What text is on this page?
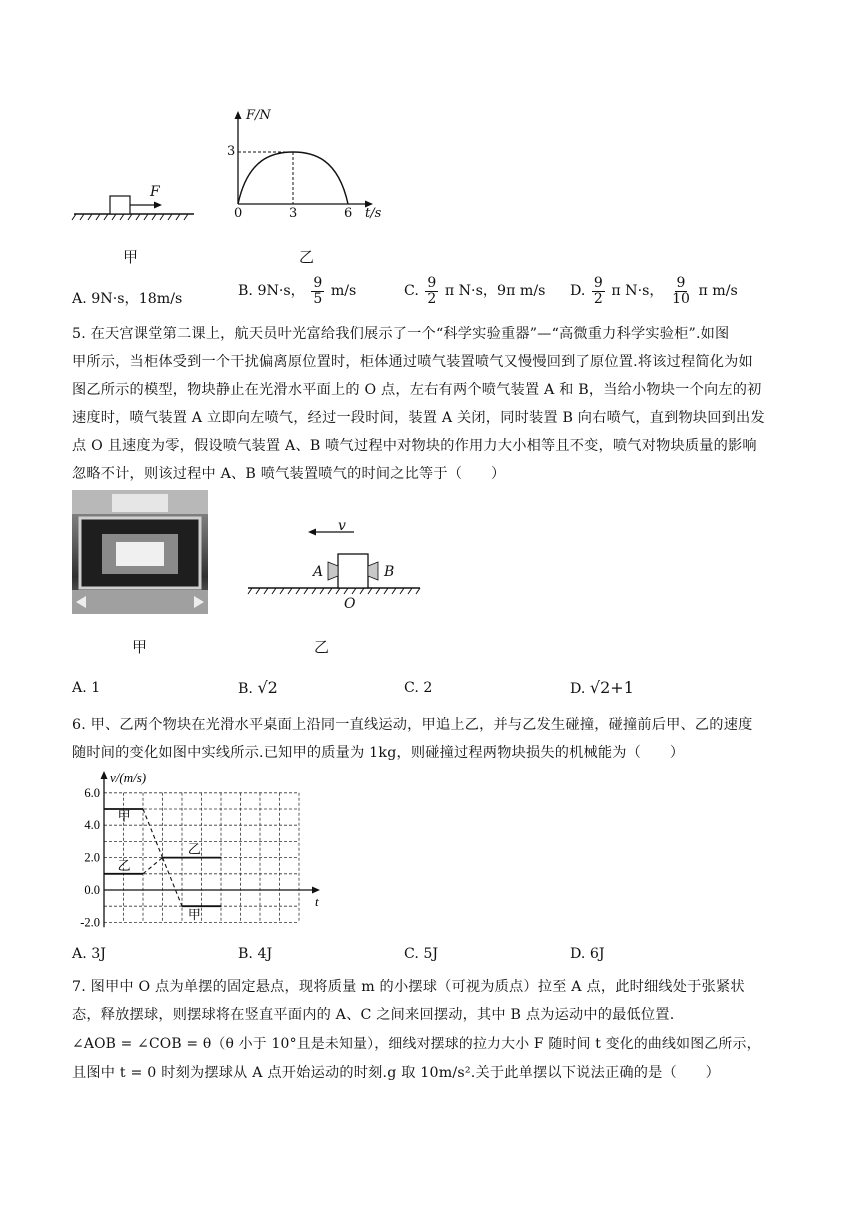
F
甲
F/N
3
0	3	6 t/s
乙
A. 9N·s，18m/s	B. 9N·s， $\frac{9}{5} m/s$	C. $\frac{9}{2}$ π N·s，9π m/s D. $\frac{9}{2}$ π N·s， $\frac{9}{10}$ π m/s
5. 在天宫课堂第二课上，航天员叶光富给我们展示了一个“科学实验重器”—“高微重力科学实验柜”.如图
甲所示，当柜体受到一个干扰偏离原位置时，柜体通过喷气装置喷气又慢慢回到了原位置.将该过程简化为如
图乙所示的模型，物块静止在光滑水平面上的 O 点，左右有两个喷气装置 A 和 B，当给小物块一个向左的初
速度时，喷气装置 A 立即向左喷气，经过一段时间，装置 A 关闭，同时装置 B 向右喷气，直到物块回到出发
点 O 且速度为零，假设喷气装置 A、B 喷气过程中对物块的作用力大小相等且不变，喷气对物块质量的影响
忽略不计，则该过程中 A、B 喷气装置喷气的时间之比等于（　　）
甲
v
A	B
O
乙
A. 1	B. √2	C. 2	D. √2+1
6. 甲、乙两个物块在光滑水平桌面上沿同一直线运动，甲追上乙，并与乙发生碰撞，碰撞前后甲、乙的速度
随时间的变化如图中实线所示.已知甲的质量为 1kg，则碰撞过程两物块损失的机械能为（　　）
v/(m/s)
t
6.0
4.0
2.0
0.0
-2.0
甲
乙
甲
乙
A. 3J	B. 4J	C. 5J	D. 6J
7. 图甲中 O 点为单摆的固定悬点，现将质量 m 的小摆球（可视为质点）拉至 A 点，此时细线处于张紧状
态，释放摆球，则摆球将在竖直平面内的 A、C 之间来回摆动，其中 B 点为运动中的最低位置.
∠AOB = ∠COB = θ（θ 小于 10°且是未知量），细线对摆球的拉力大小 F 随时间 t 变化的曲线如图乙所示，
且图中 t = 0 时刻为摆球从 A 点开始运动的时刻.g 取 10m/s².关于此单摆以下说法正确的是（　　）
